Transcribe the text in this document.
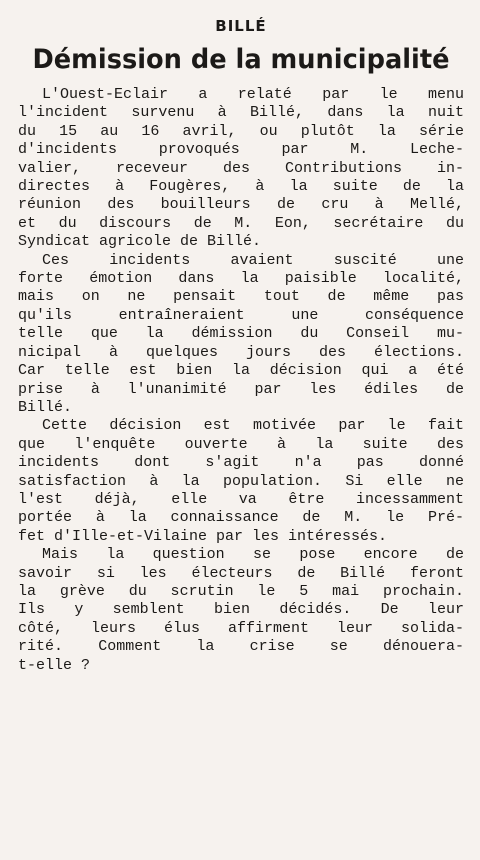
BILLÉ
Démission de la municipalité
L'Ouest-Eclair a relaté par le menu
l'incident survenu à Billé, dans la nuit
du 15 au 16 avril, ou plutôt la série
d'incidents provoqués par M. Leche-
valier, receveur des Contributions in-
directes à Fougères, à la suite de la
réunion des bouilleurs de cru à Mellé,
et du discours de M. Eon, secrétaire du
Syndicat agricole de Billé.
Ces incidents avaient suscité une
forte émotion dans la paisible localité,
mais on ne pensait tout de même pas
qu'ils entraîneraient une conséquence
telle que la démission du Conseil mu-
nicipal à quelques jours des élections.
Car telle est bien la décision qui a été
prise à l'unanimité par les édiles de
Billé.
Cette décision est motivée par le fait
que l'enquête ouverte à la suite des
incidents dont s'agit n'a pas donné
satisfaction à la population. Si elle ne
l'est déjà, elle va être incessamment
portée à la connaissance de M. le Pré-
fet d'Ille-et-Vilaine par les intéressés.
Mais la question se pose encore de
savoir si les électeurs de Billé feront
la grève du scrutin le 5 mai prochain.
Ils y semblent bien décidés. De leur
côté, leurs élus affirment leur solida-
rité. Comment la crise se dénouera-
t-elle ?
